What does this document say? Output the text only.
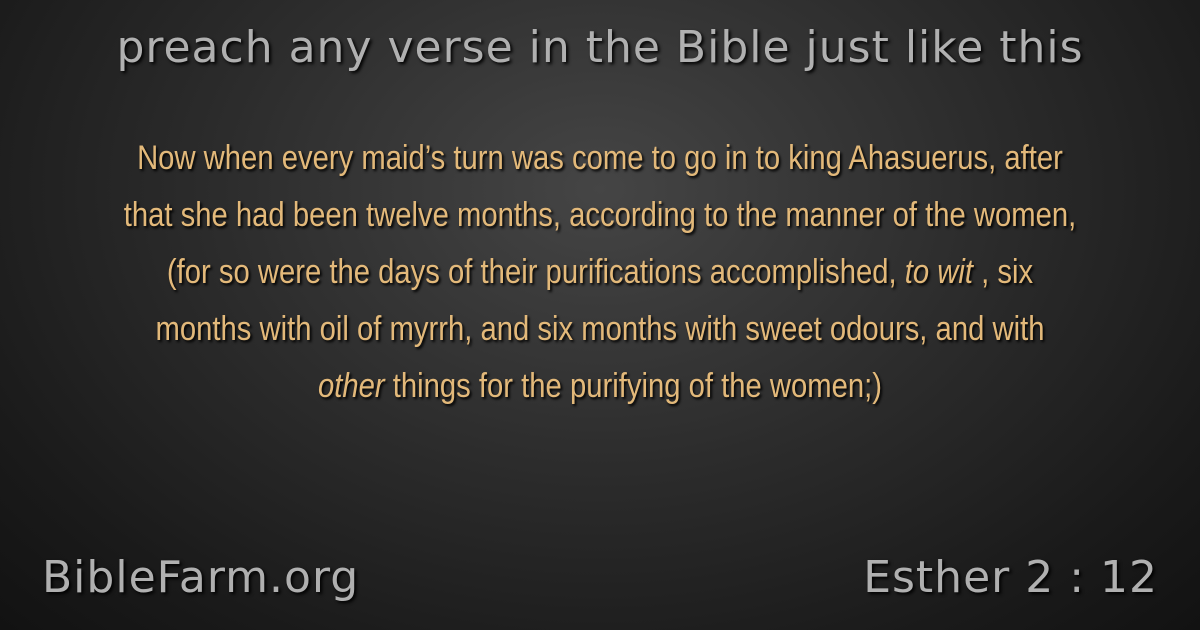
preach any verse in the Bible just like this
Now when every maid’s turn was come to go in to king Ahasuerus, after that she had been twelve months, according to the manner of the women, (for so were the days of their purifications accomplished, to wit , six months with oil of myrrh, and six months with sweet odours, and with other things for the purifying of the women;)
BibleFarm.org	Esther 2 : 12
